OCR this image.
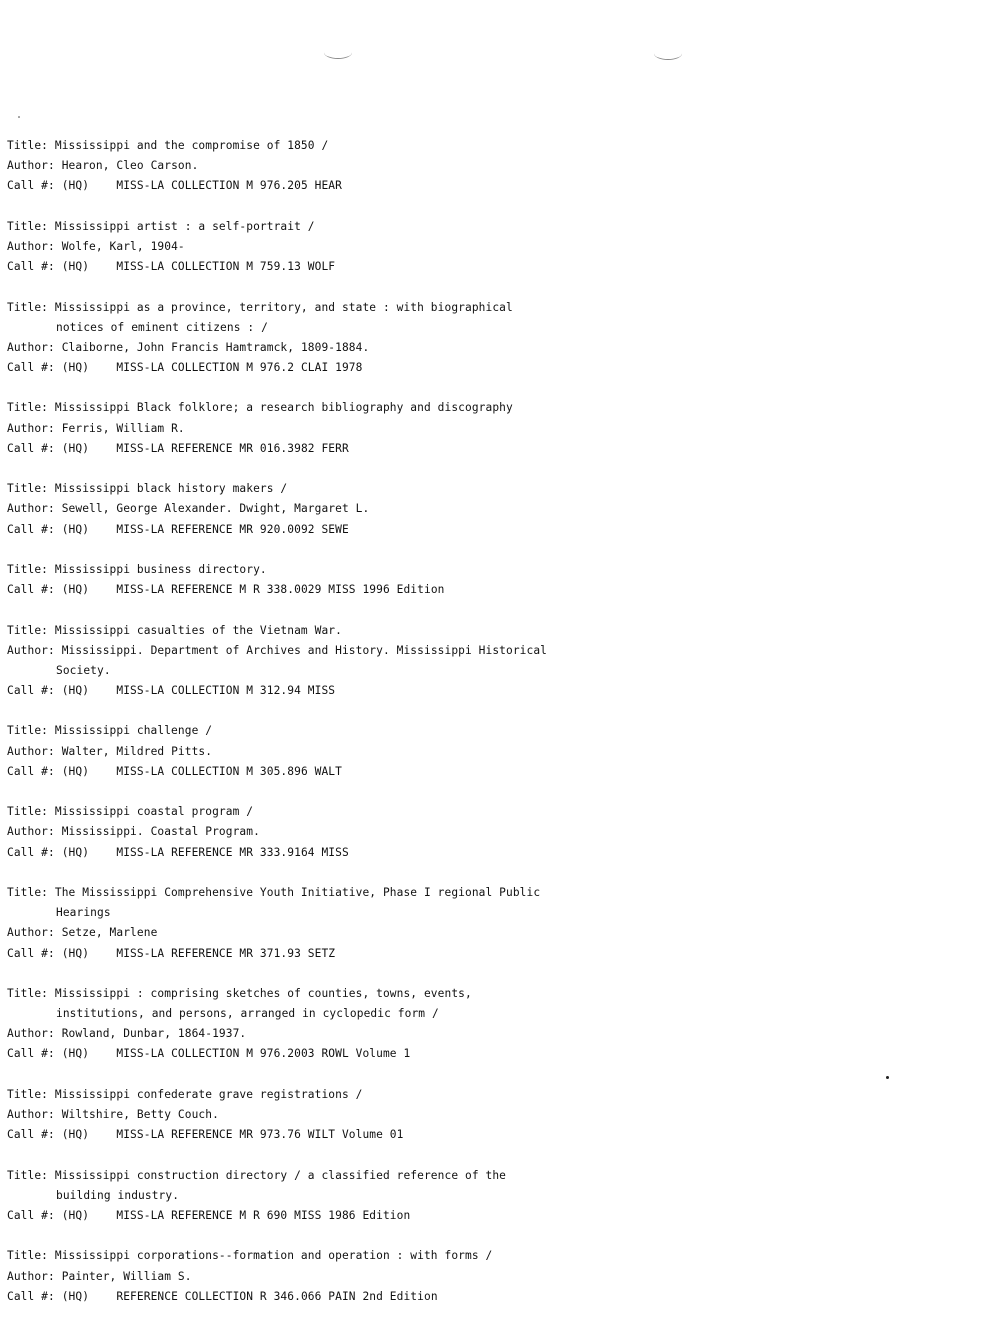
Title: Mississippi and the compromise of 1850 /
Author: Hearon, Cleo Carson.
Call #: (HQ)    MISS-LA COLLECTION M 976.205 HEAR
Title: Mississippi artist : a self-portrait /
Author: Wolfe, Karl, 1904-
Call #: (HQ)    MISS-LA COLLECTION M 759.13 WOLF
Title: Mississippi as a province, territory, and state : with biographical
notices of eminent citizens : /
Author: Claiborne, John Francis Hamtramck, 1809-1884.
Call #: (HQ)    MISS-LA COLLECTION M 976.2 CLAI 1978
Title: Mississippi Black folklore; a research bibliography and discography
Author: Ferris, William R.
Call #: (HQ)    MISS-LA REFERENCE MR 016.3982 FERR
Title: Mississippi black history makers /
Author: Sewell, George Alexander. Dwight, Margaret L.
Call #: (HQ)    MISS-LA REFERENCE MR 920.0092 SEWE
Title: Mississippi business directory.
Call #: (HQ)    MISS-LA REFERENCE M R 338.0029 MISS 1996 Edition
Title: Mississippi casualties of the Vietnam War.
Author: Mississippi. Department of Archives and History. Mississippi Historical
Society.
Call #: (HQ)    MISS-LA COLLECTION M 312.94 MISS
Title: Mississippi challenge /
Author: Walter, Mildred Pitts.
Call #: (HQ)    MISS-LA COLLECTION M 305.896 WALT
Title: Mississippi coastal program /
Author: Mississippi. Coastal Program.
Call #: (HQ)    MISS-LA REFERENCE MR 333.9164 MISS
Title: The Mississippi Comprehensive Youth Initiative, Phase I regional Public
Hearings
Author: Setze, Marlene
Call #: (HQ)    MISS-LA REFERENCE MR 371.93 SETZ
Title: Mississippi : comprising sketches of counties, towns, events,
institutions, and persons, arranged in cyclopedic form /
Author: Rowland, Dunbar, 1864-1937.
Call #: (HQ)    MISS-LA COLLECTION M 976.2003 ROWL Volume 1
Title: Mississippi confederate grave registrations /
Author: Wiltshire, Betty Couch.
Call #: (HQ)    MISS-LA REFERENCE MR 973.76 WILT Volume 01
Title: Mississippi construction directory / a classified reference of the
building industry.
Call #: (HQ)    MISS-LA REFERENCE M R 690 MISS 1986 Edition
Title: Mississippi corporations--formation and operation : with forms /
Author: Painter, William S.
Call #: (HQ)    REFERENCE COLLECTION R 346.066 PAIN 2nd Edition
